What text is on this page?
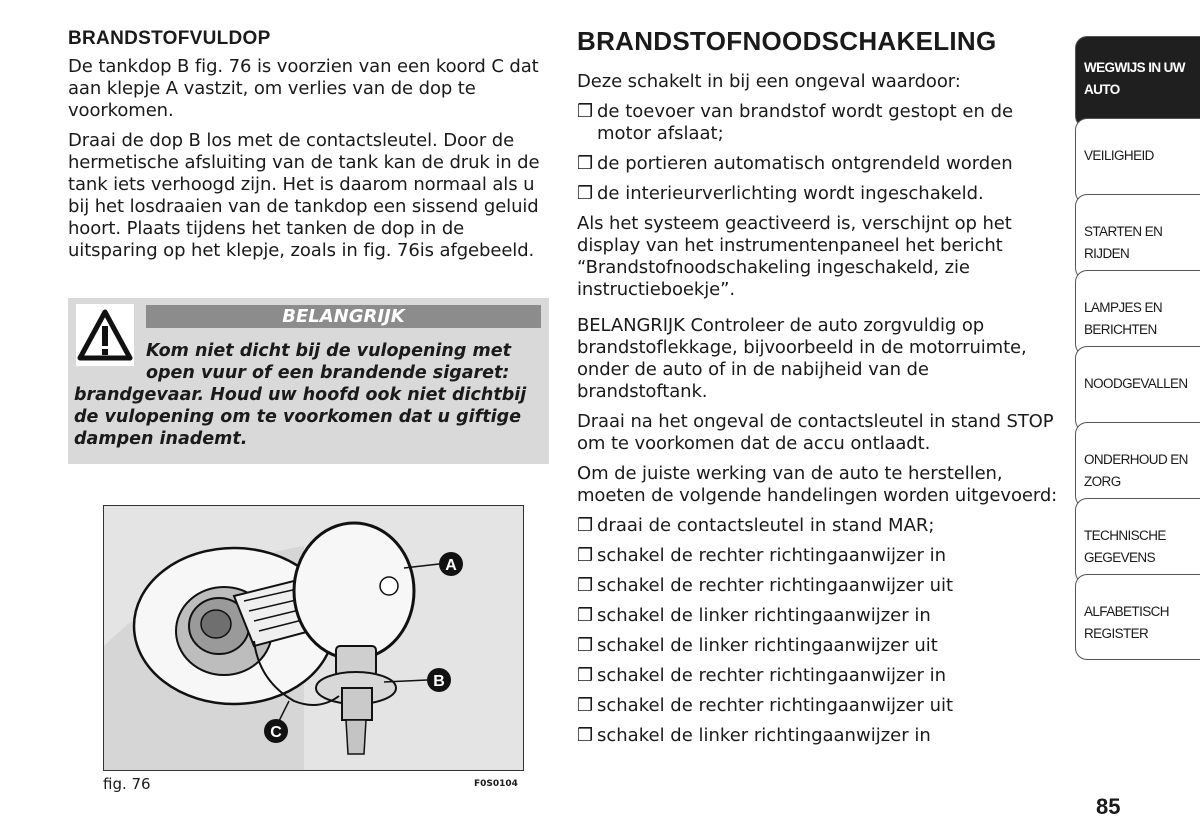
BRANDSTOFVULDOP

De tankdop B fig. 76 is voorzien van een koord C dat aan klepje A vastzit, om verlies van de dop te voorkomen.

Draai de dop B los met de contactsleutel. Door de hermetische afsluiting van de tank kan de druk in de tank iets verhoogd zijn. Het is daarom normaal als u bij het losdraaien van de tankdop een sissend geluid hoort. Plaats tijdens het tanken de dop in de uitsparing op het klepje, zoals in fig. 76is afgebeeld.

BELANGRIJK
Kom niet dicht bij de vulopening met open vuur of een brandende sigaret:
brandgevaar. Houd uw hoofd ook niet dichtbij de vulopening om te voorkomen dat u giftige dampen inademt.
A
B
C
fig. 76	F0S0104
BRANDSTOFNOODSCHAKELING

Deze schakelt in bij een ongeval waardoor:

❒ de toevoer van brandstof wordt gestopt en de motor afslaat;
❒ de portieren automatisch ontgrendeld worden
❒ de interieurverlichting wordt ingeschakeld.

Als het systeem geactiveerd is, verschijnt op het display van het instrumentenpaneel het bericht “Brandstofnoodschakeling ingeschakeld, zie instructieboekje”.

BELANGRIJK Controleer de auto zorgvuldig op brandstoflekkage, bijvoorbeeld in de motorruimte, onder de auto of in de nabijheid van de brandstoftank.

Draai na het ongeval de contactsleutel in stand STOP om te voorkomen dat de accu ontlaadt.

Om de juiste werking van de auto te herstellen, moeten de volgende handelingen worden uitgevoerd:

❒ draai de contactsleutel in stand MAR;
❒ schakel de rechter richtingaanwijzer in
❒ schakel de rechter richtingaanwijzer uit
❒ schakel de linker richtingaanwijzer in
❒ schakel de linker richtingaanwijzer uit
❒ schakel de rechter richtingaanwijzer in
❒ schakel de rechter richtingaanwijzer uit
❒ schakel de linker richtingaanwijzer in
WEGWIJS IN UW
AUTO
VEILIGHEID
STARTEN EN RIJDEN
LAMPJES EN
BERICHTEN
NOODGEVALLEN
ONDERHOUD EN
ZORG
TECHNISCHE
GEGEVENS
ALFABETISCH
REGISTER
85
